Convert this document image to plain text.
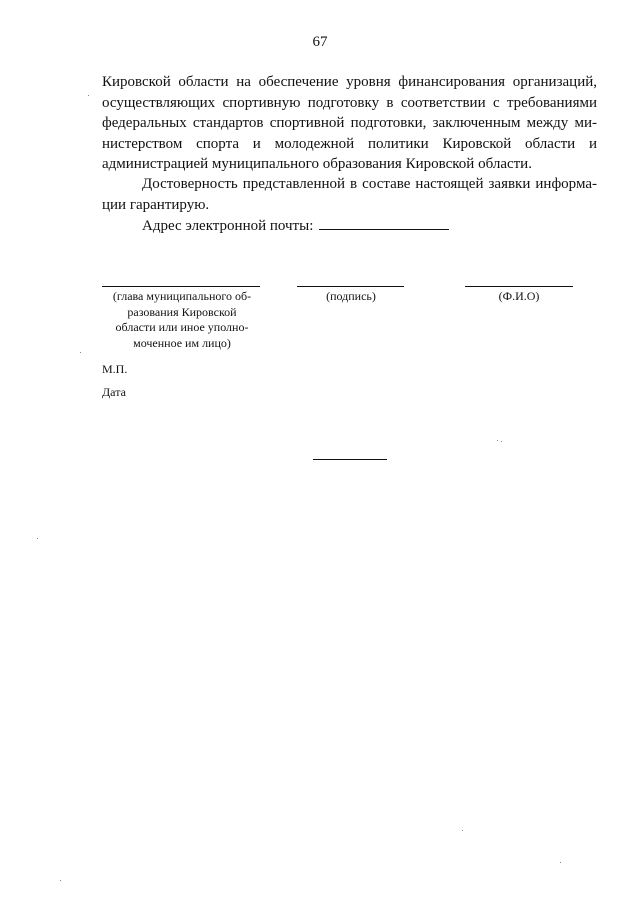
67
Кировской области на обеспечение уровня финансирования организаций,
осуществляющих спортивную подготовку в соответствии с требованиями
федеральных стандартов спортивной подготовки, заключенным между ми-
нистерством спорта и молодежной политики Кировской области и
администрацией муниципального образования Кировской области.
Достоверность представленной в составе настоящей заявки информа-
ции гарантирую.
Адрес электронной почты:
(глава муниципального об-
разования Кировской
области или иное уполно-
моченное им лицо)
(подпись)	(Ф.И.О)
М.П.
Дата
